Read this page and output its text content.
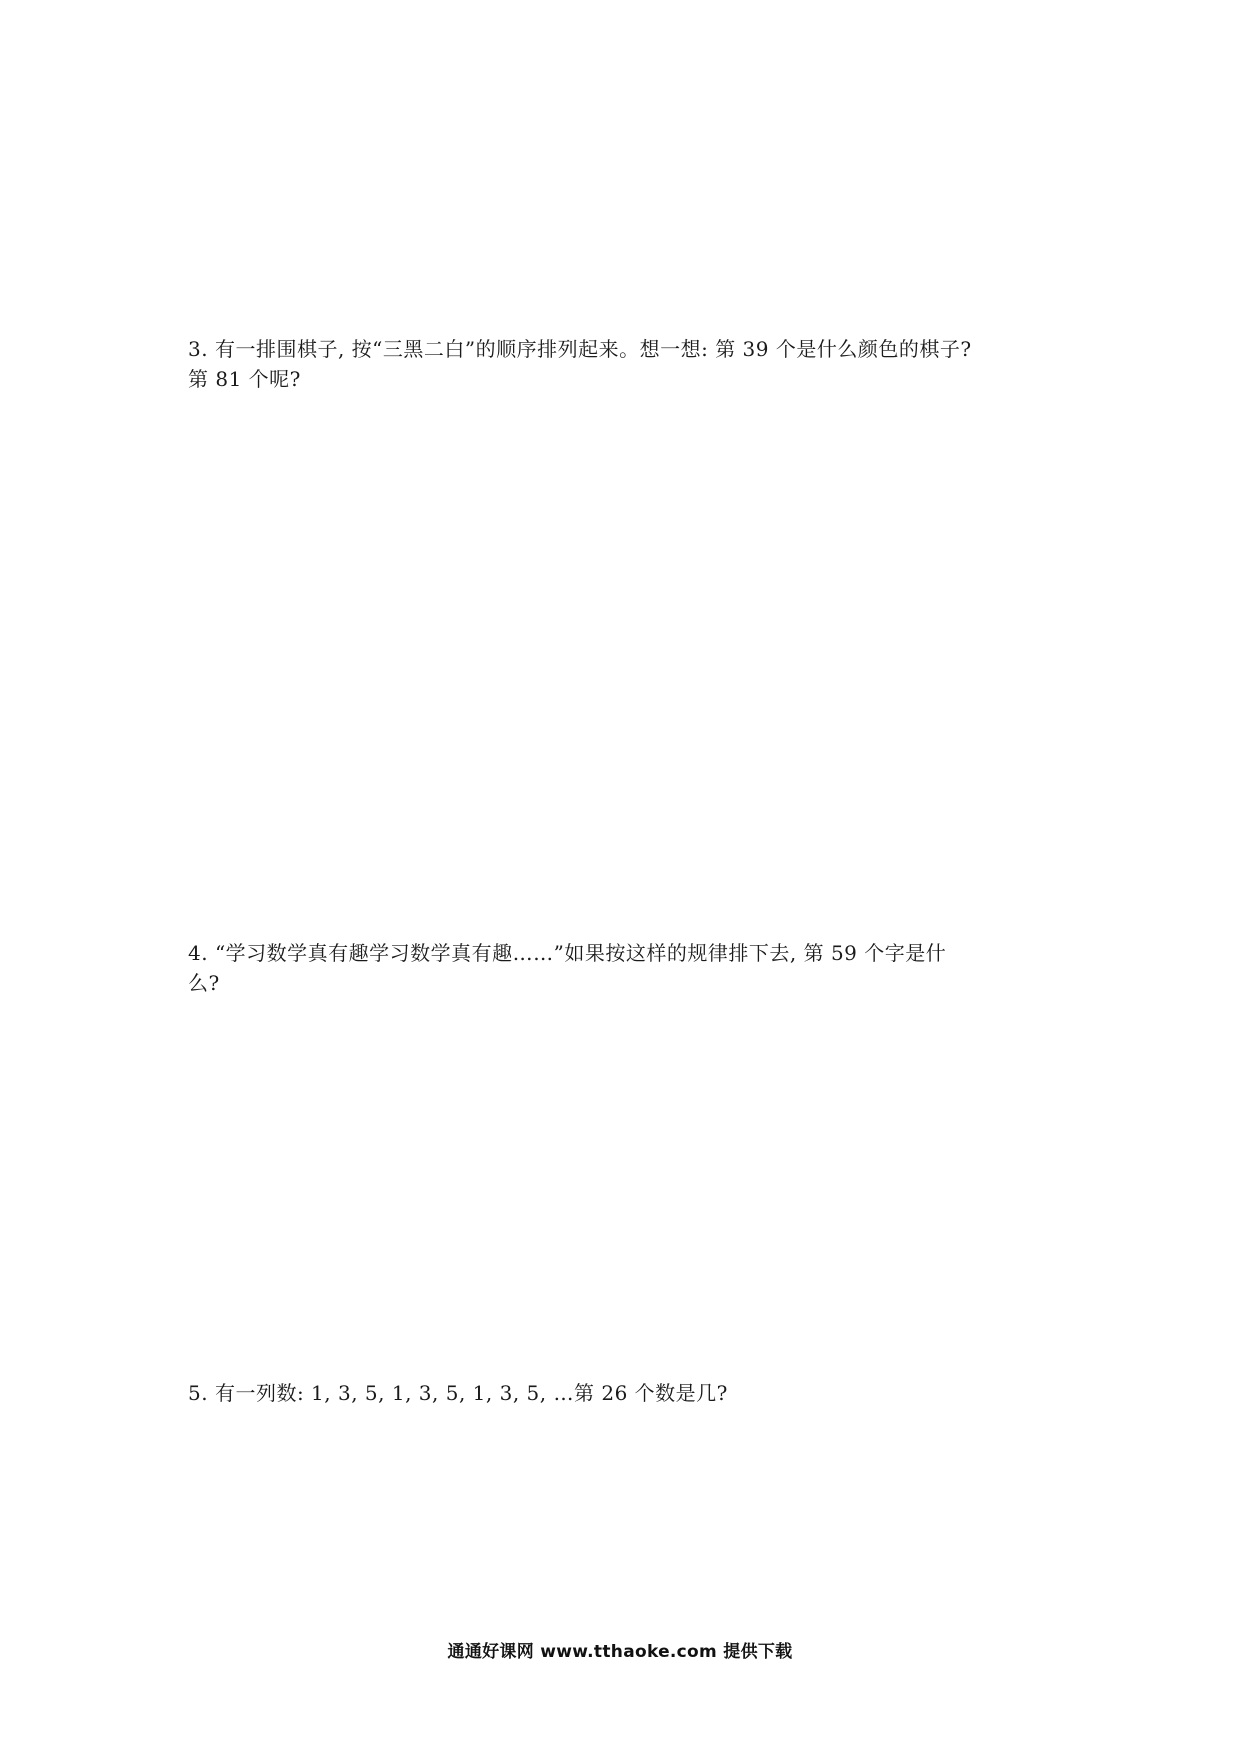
3. 有一排围棋子, 按“三黑二白”的顺序排列起来。想一想: 第 39 个是什么颜色的棋子?
第 81 个呢?
4. “学习数学真有趣学习数学真有趣……”如果按这样的规律排下去, 第 59 个字是什
么?
5. 有一列数: 1, 3, 5, 1, 3, 5, 1, 3, 5, …第 26 个数是几?
通通好课网 www.tthaoke.com 提供下载
